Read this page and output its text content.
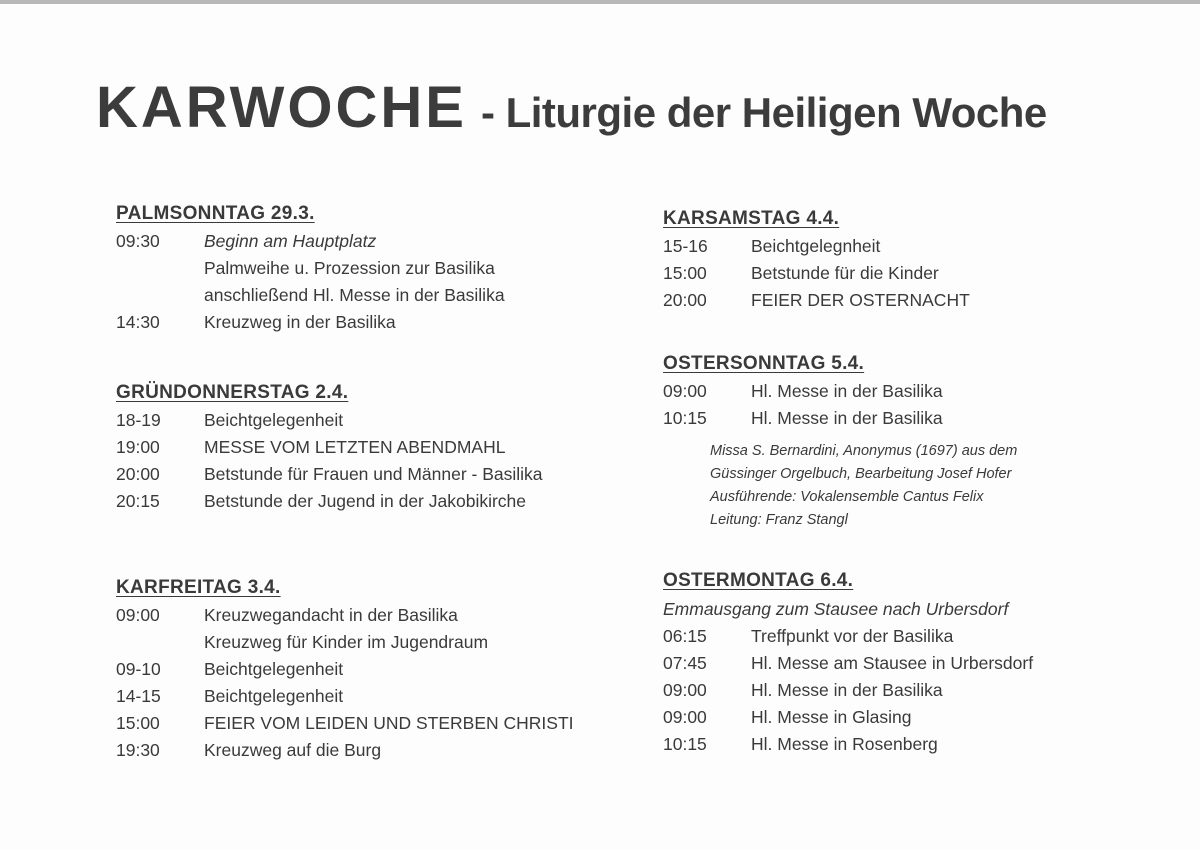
KARWOCHE - Liturgie der Heiligen Woche
PALMSONNTAG 29.3.
09:30	Beginn am Hauptplatz
Palmweihe u. Prozession zur Basilika
anschließend Hl. Messe in der Basilika
14:30	Kreuzweg in der Basilika
GRÜNDONNERSTAG 2.4.
18-19 Beichtgelegenheit
19:00	MESSE VOM LETZTEN ABENDMAHL
20:00	Betstunde für Frauen und Männer - Basilika
20:15	Betstunde der Jugend in der Jakobikirche
KARFREITAG 3.4.
09:00	Kreuzwegandacht in der Basilika
Kreuzweg für Kinder im Jugendraum
09-10 Beichtgelegenheit
14-15 Beichtgelegenheit
15:00	FEIER VOM LEIDEN UND STERBEN CHRISTI
19:30	Kreuzweg auf die Burg
KARSAMSTAG 4.4.
15-16 Beichtgelegnheit
15:00	Betstunde für die Kinder
20:00	FEIER DER OSTERNACHT
OSTERSONNTAG 5.4.
09:00	Hl. Messe in der Basilika
10:15	Hl. Messe in der Basilika
Missa S. Bernardini, Anonymus (1697) aus dem
Güssinger Orgelbuch, Bearbeitung Josef Hofer
Ausführende: Vokalensemble Cantus Felix
Leitung: Franz Stangl
OSTERMONTAG 6.4.
Emmausgang zum Stausee nach Urbersdorf
06:15	Treffpunkt vor der Basilika
07:45	Hl. Messe am Stausee in Urbersdorf
09:00	Hl. Messe in der Basilika
09:00	Hl. Messe in Glasing
10:15	Hl. Messe in Rosenberg
